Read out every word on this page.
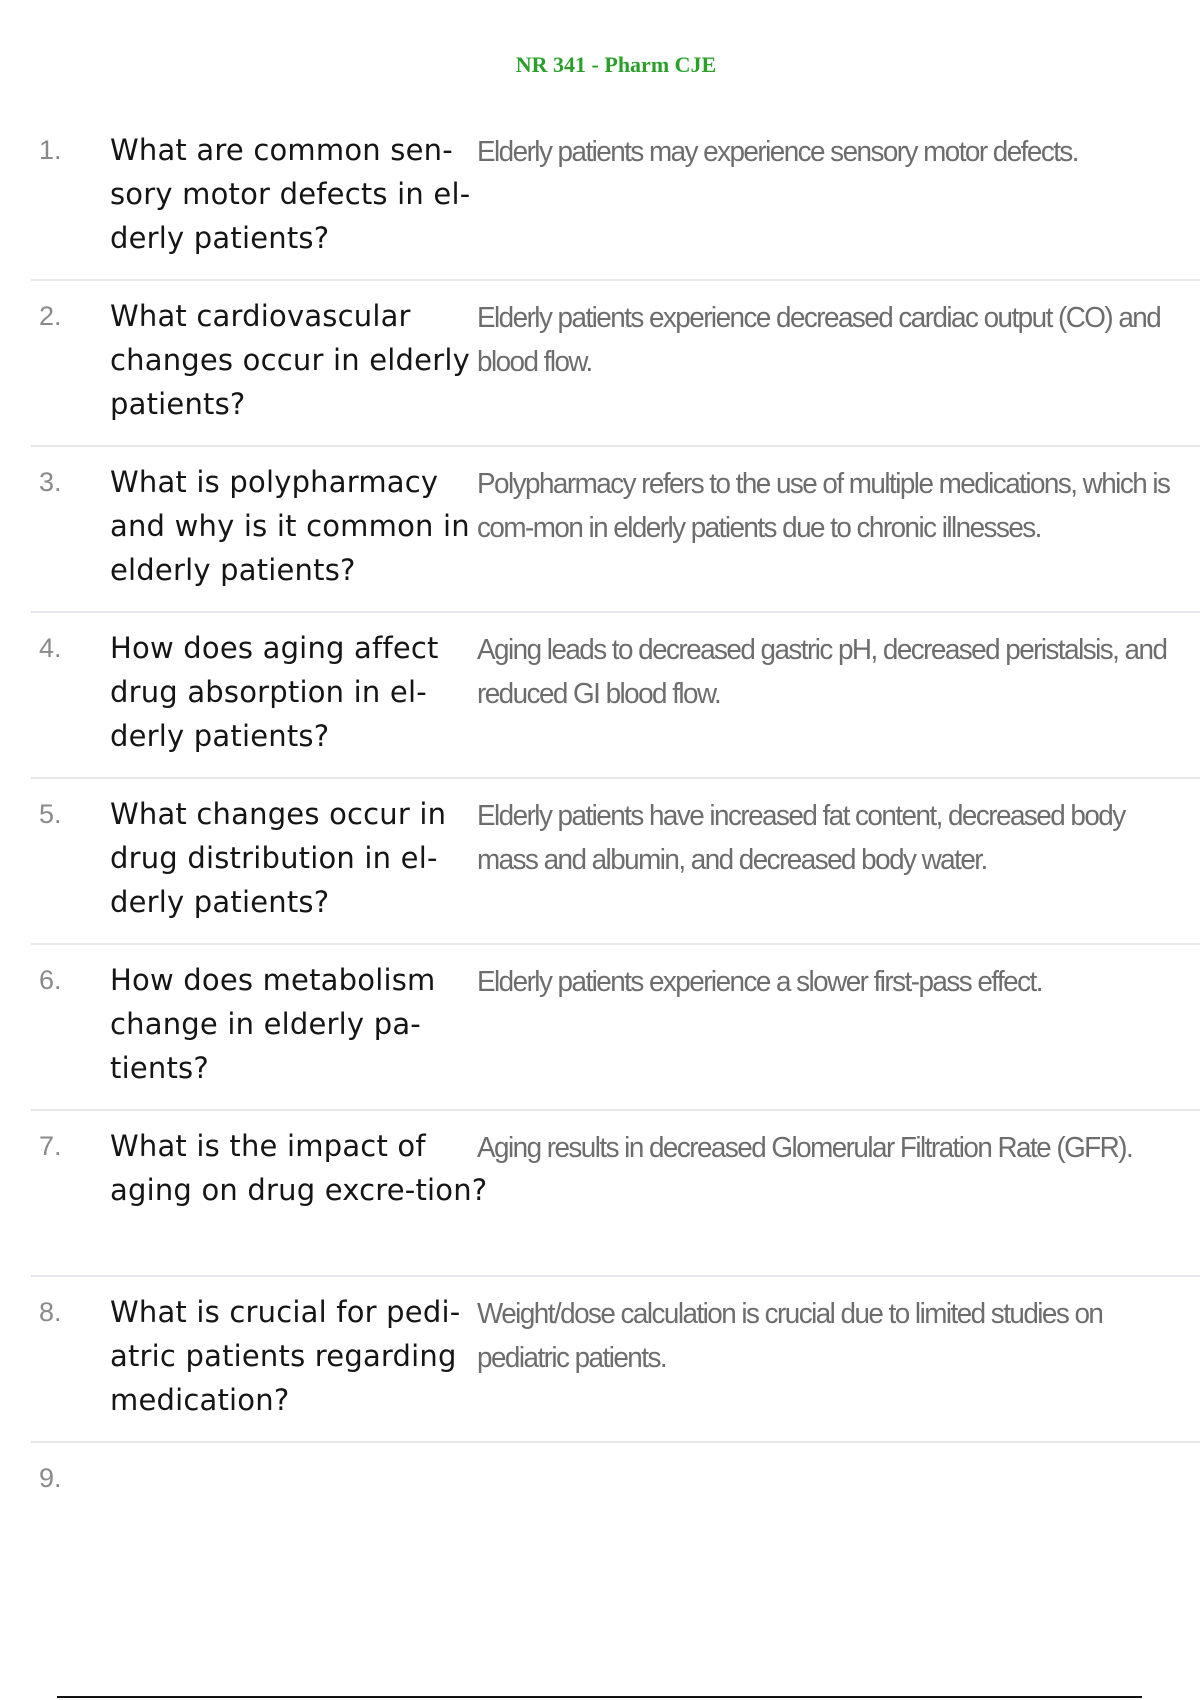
NR 341 - Pharm CJE
1. What are common sen-sory motor defects in el-derly patients?
Elderly patients may experience sensory motor defects.
2. What cardiovascular changes occur in elderly patients?
Elderly patients experience decreased cardiac output (CO) and blood flow.
3. What is polypharmacy and why is it common in elderly patients?
Polypharmacy refers to the use of multiple medications, which is com-mon in elderly patients due to chronic illnesses.
4. How does aging affect drug absorption in el-derly patients?
Aging leads to decreased gastric pH, decreased peristalsis, and reduced GI blood flow.
5. What changes occur in drug distribution in el-derly patients?
Elderly patients have increased fat content, decreased body mass and albumin, and decreased body water.
6. How does metabolism change in elderly pa-tients?
Elderly patients experience a slower first-pass effect.
7. What is the impact of aging on drug excre-tion?
Aging results in decreased Glomerular Filtration Rate (GFR).
8. What is crucial for pedi-atric patients regarding medication?
Weight/dose calculation is crucial due to limited studies on pediatric patients.
9.
